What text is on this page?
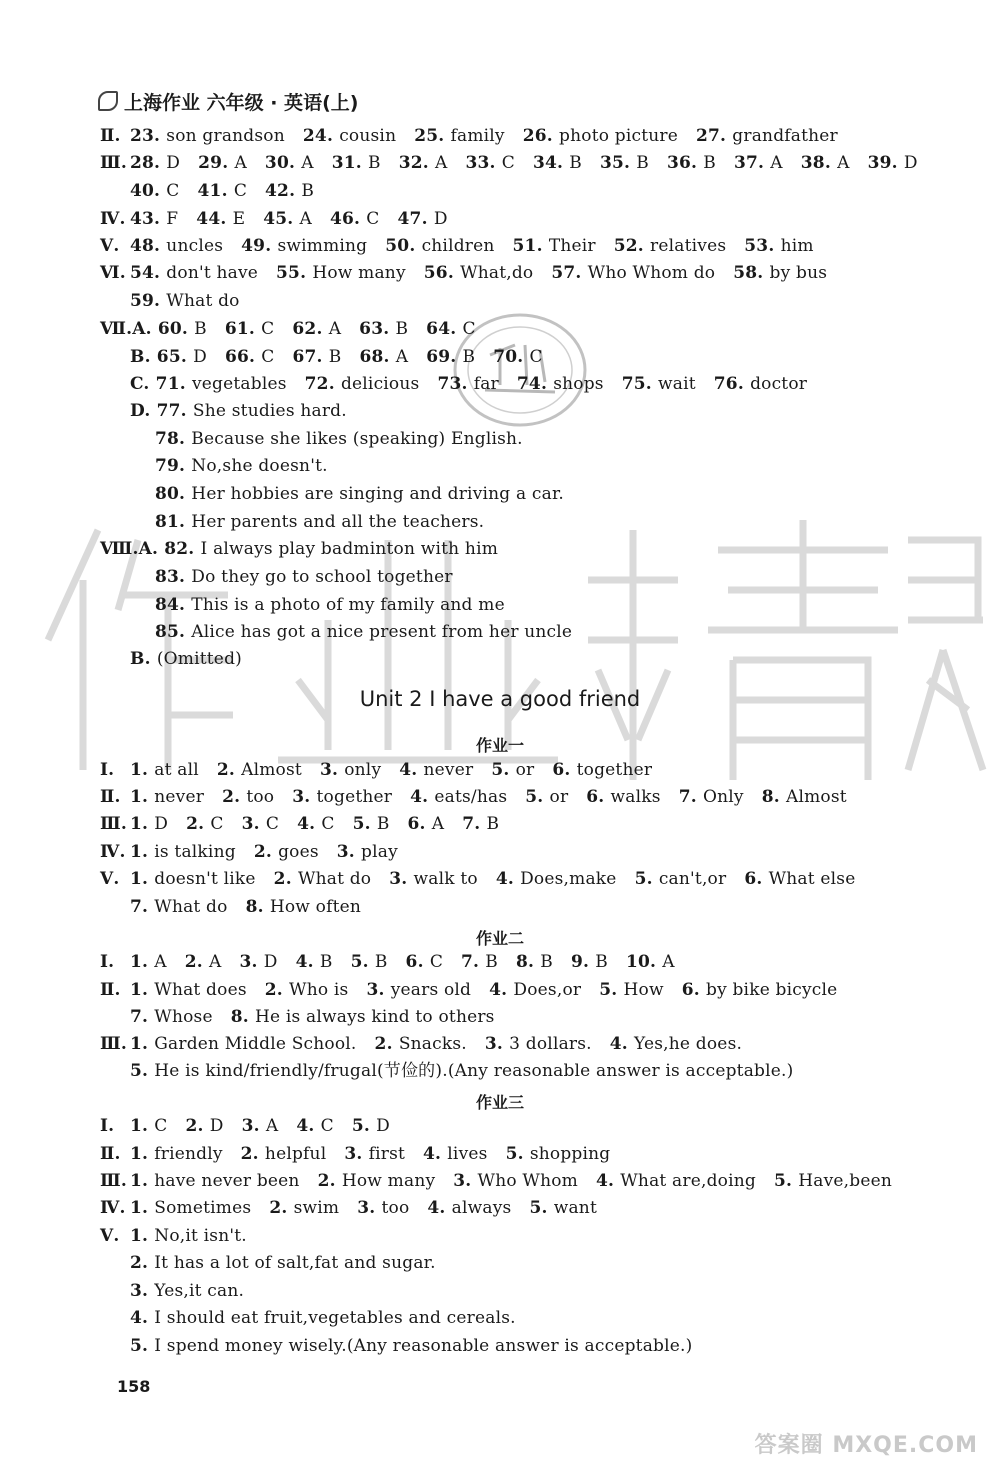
上海作业 六年级 · 英语(上)
Ⅱ. 23. son grandson 24. cousin 25. family 26. photo picture 27. grandfather
Ⅲ. 28. D 29. A 30. A 31. B 32. A 33. C 34. B 35. B 36. B 37. A 38. A 39. D
40. C 41. C 42. B
Ⅳ. 43. F 44. E 45. A 46. C 47. D
Ⅴ. 48. uncles 49. swimming 50. children 51. Their 52. relatives 53. him
Ⅵ. 54. don't have 55. How many 56. What,do 57. Who Whom do 58. by bus
59. What do
Ⅶ.A. 60. B 61. C 62. A 63. B 64. C
B. 65. D 66. C 67. B 68. A 69. B 70. C
C. 71. vegetables 72. delicious 73. far 74. shops 75. wait 76. doctor
D. 77. She studies hard.
78. Because she likes (speaking) English.
79. No,she doesn't.
80. Her hobbies are singing and driving a car.
81. Her parents and all the teachers.
Ⅷ.A. 82. I always play badminton with him
83. Do they go to school together
84. This is a photo of my family and me
85. Alice has got a nice present from her uncle
B. (Omitted)
Unit 2 I have a good friend
作业一
Ⅰ. 1. at all 2. Almost 3. only 4. never 5. or 6. together
Ⅱ. 1. never 2. too 3. together 4. eats/has 5. or 6. walks 7. Only 8. Almost
Ⅲ. 1. D 2. C 3. C 4. C 5. B 6. A 7. B
Ⅳ. 1. is talking 2. goes 3. play
Ⅴ. 1. doesn't like 2. What do 3. walk to 4. Does,make 5. can't,or 6. What else
7. What do 8. How often
作业二
Ⅰ. 1. A 2. A 3. D 4. B 5. B 6. C 7. B 8. B 9. B 10. A
Ⅱ. 1. What does 2. Who is 3. years old 4. Does,or 5. How 6. by bike bicycle
7. Whose 8. He is always kind to others
Ⅲ. 1. Garden Middle School. 2. Snacks. 3. 3 dollars. 4. Yes,he does.
5. He is kind/friendly/frugal(节俭的).(Any reasonable answer is acceptable.)
作业三
Ⅰ. 1. C 2. D 3. A 4. C 5. D
Ⅱ. 1. friendly 2. helpful 3. first 4. lives 5. shopping
Ⅲ. 1. have never been 2. How many 3. Who Whom 4. What are,doing 5. Have,been
Ⅳ. 1. Sometimes 2. swim 3. too 4. always 5. want
Ⅴ. 1. No,it isn't.
2. It has a lot of salt,fat and sugar.
3. Yes,it can.
4. I should eat fruit,vegetables and cereals.
5. I spend money wisely.(Any reasonable answer is acceptable.)
158
答案圈 MXQE.COM
